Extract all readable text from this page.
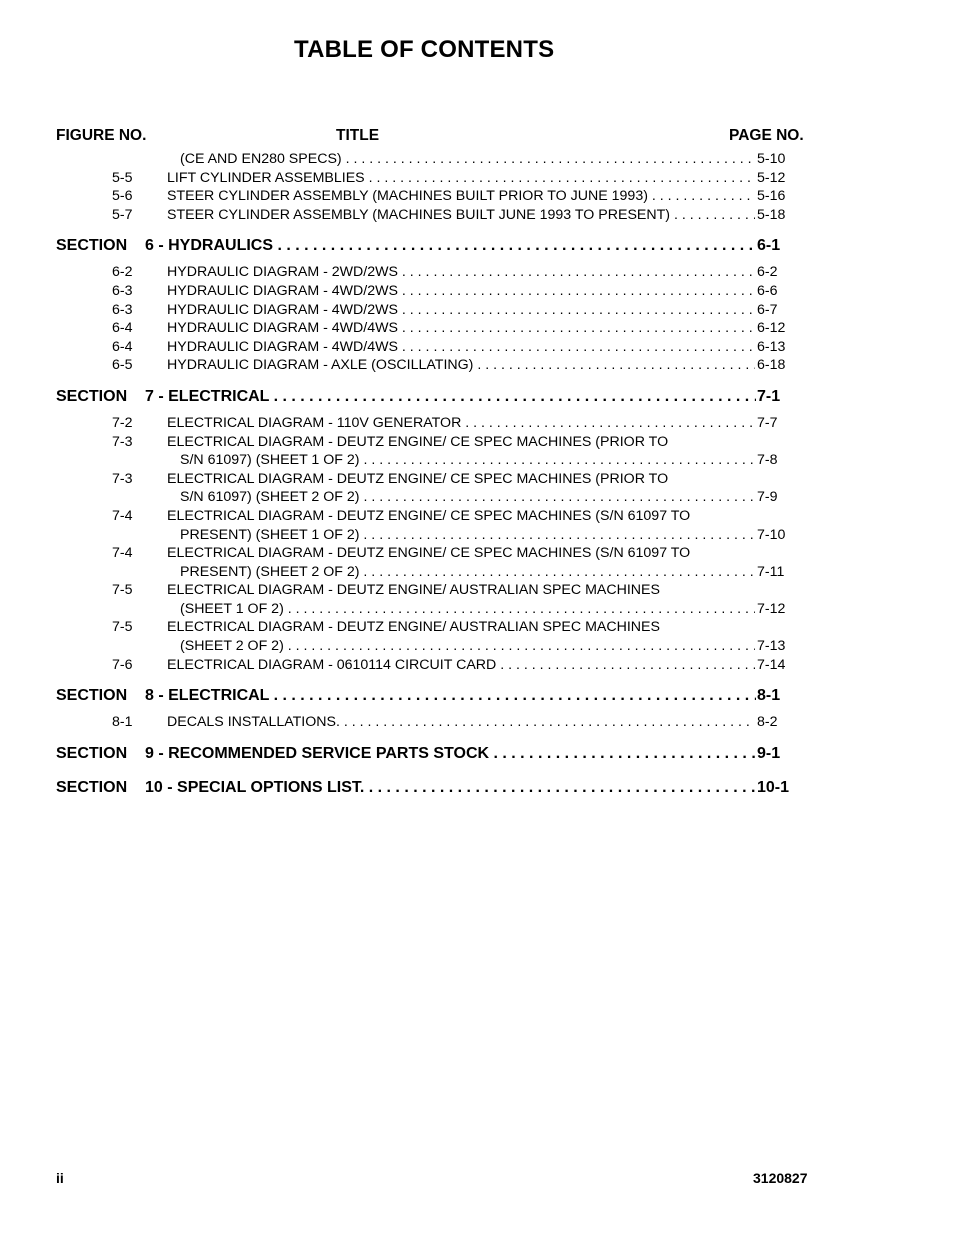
TABLE OF CONTENTS
FIGURE NO.	TITLE	PAGE NO.
(CE AND EN280 SPECS) . . .	5-10
5-5 LIFT CYLINDER ASSEMBLIES . . .	5-12
5-6 STEER CYLINDER ASSEMBLY (MACHINES BUILT PRIOR TO JUNE 1993) . . .	5-16
5-7 STEER CYLINDER ASSEMBLY (MACHINES BUILT JUNE 1993 TO PRESENT) . . .	5-18
SECTION 6 - HYDRAULICS . . .	6-1
6-2 HYDRAULIC DIAGRAM - 2WD/2WS . . .	6-2
6-3 HYDRAULIC DIAGRAM - 4WD/2WS . . .	6-6
6-3 HYDRAULIC DIAGRAM - 4WD/2WS . . .	6-7
6-4 HYDRAULIC DIAGRAM - 4WD/4WS . . .	6-12
6-4 HYDRAULIC DIAGRAM - 4WD/4WS . . .	6-13
6-5 HYDRAULIC DIAGRAM - AXLE (OSCILLATING) . . .	6-18
SECTION 7 - ELECTRICAL . . .	7-1
7-2 ELECTRICAL DIAGRAM - 110V GENERATOR . . .	7-7
7-3 ELECTRICAL DIAGRAM - DEUTZ ENGINE/ CE SPEC MACHINES (PRIOR TO
S/N 61097) (SHEET 1 OF 2) . . .	7-8
7-3 ELECTRICAL DIAGRAM - DEUTZ ENGINE/ CE SPEC MACHINES (PRIOR TO
S/N 61097) (SHEET 2 OF 2) . . .	7-9
7-4 ELECTRICAL DIAGRAM - DEUTZ ENGINE/ CE SPEC MACHINES (S/N 61097 TO
PRESENT) (SHEET 1 OF 2) . . .	7-10
7-4 ELECTRICAL DIAGRAM - DEUTZ ENGINE/ CE SPEC MACHINES (S/N 61097 TO
PRESENT) (SHEET 2 OF 2) . . .	7-11
7-5 ELECTRICAL DIAGRAM - DEUTZ ENGINE/ AUSTRALIAN SPEC MACHINES
(SHEET 1 OF 2) . . .	7-12
7-5 ELECTRICAL DIAGRAM - DEUTZ ENGINE/ AUSTRALIAN SPEC MACHINES
(SHEET 2 OF 2) . . .	7-13
7-6 ELECTRICAL DIAGRAM - 0610114 CIRCUIT CARD . . .	7-14
SECTION 8 - ELECTRICAL . . .	8-1
8-1 DECALS INSTALLATIONS. . . .	8-2
SECTION 9 - RECOMMENDED SERVICE PARTS STOCK . . .	9-1
SECTION 10 - SPECIAL OPTIONS LIST. . . .	10-1
ii	3120827
